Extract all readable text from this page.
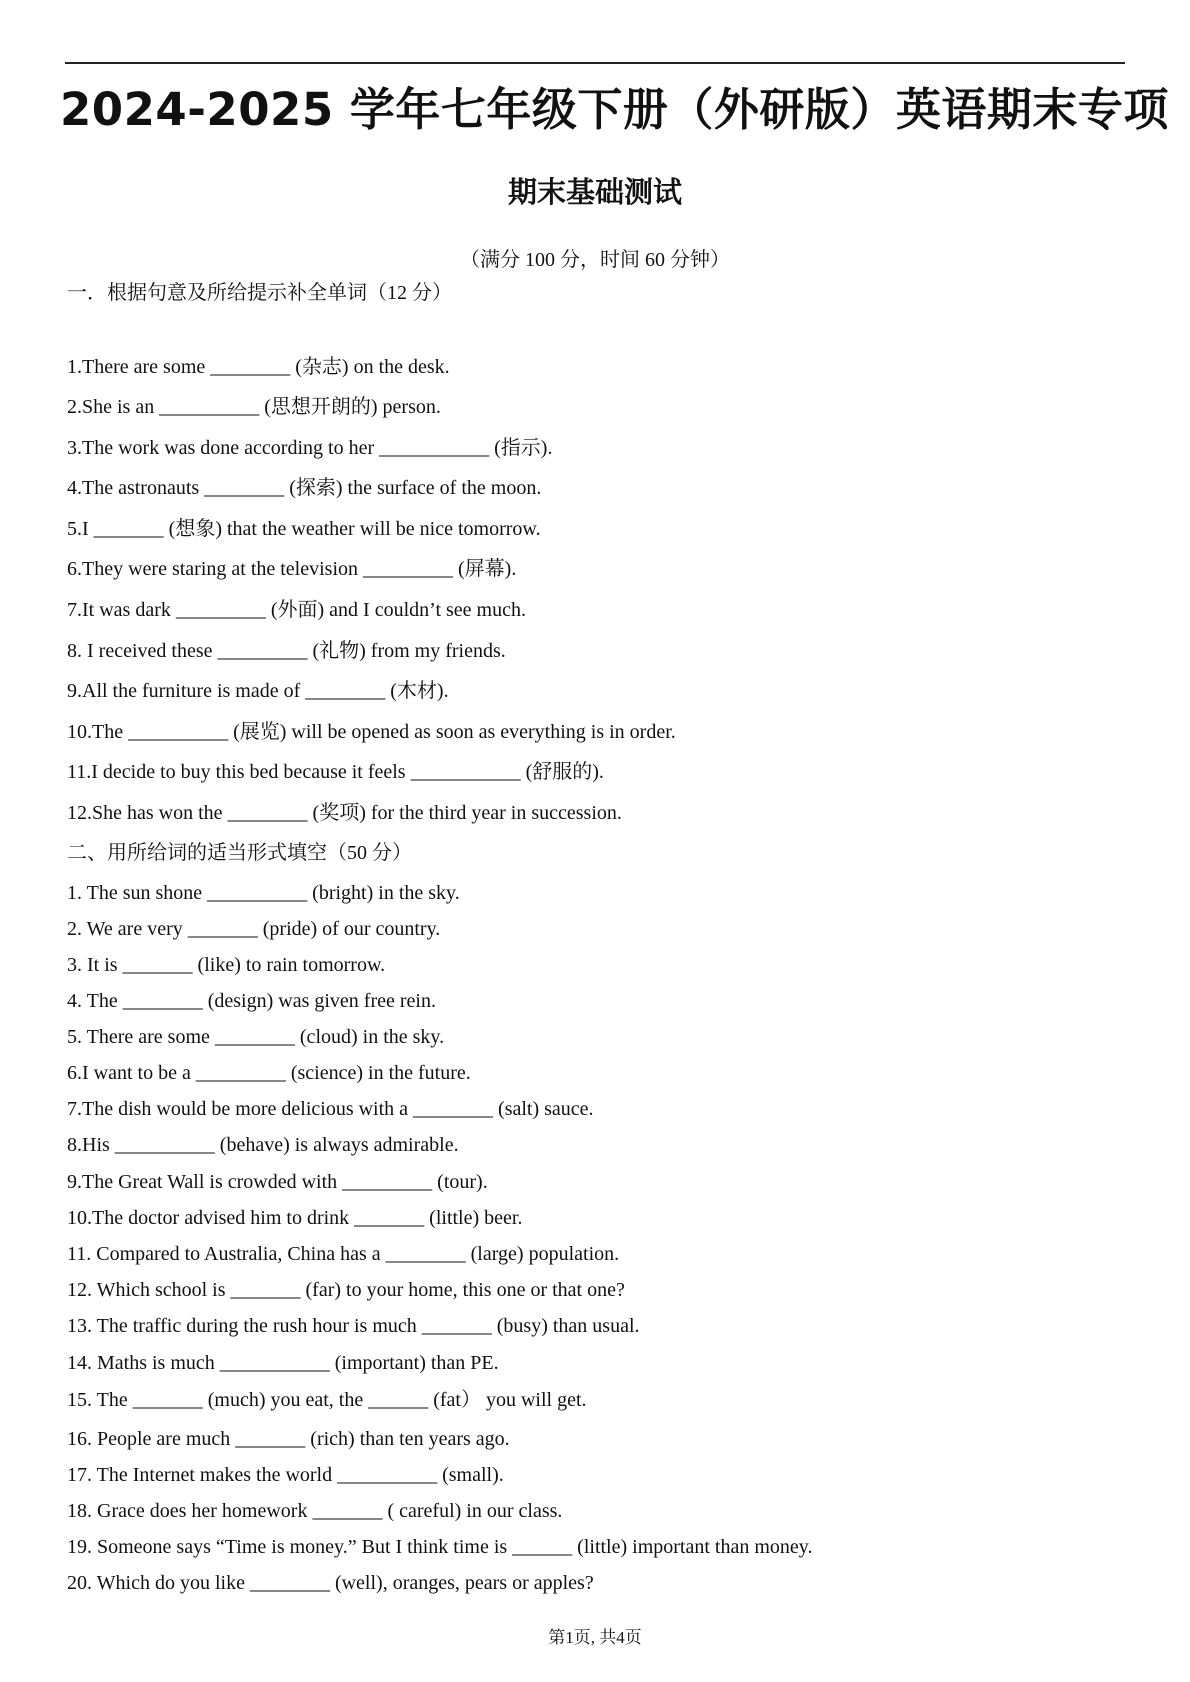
2024-2025 学年七年级下册（外研版）英语期末专项
期末基础测试
（满分 100 分，时间 60 分钟）
一．根据句意及所给提示补全单词（12 分）
1.There are some ________ (杂志) on the desk.
2.She is an __________ (思想开朗的) person.
3.The work was done according to her ___________ (指示).
4.The astronauts ________ (探索) the surface of the moon.
5.I _______ (想象) that the weather will be nice tomorrow.
6.They were staring at the television _________ (屏幕).
7.It was dark _________ (外面) and I couldn’t see much.
8. I received these _________ (礼物) from my friends.
9.All the furniture is made of ________ (木材).
10.The __________ (展览) will be opened as soon as everything is in order.
11.I decide to buy this bed because it feels ___________ (舒服的).
12.She has won the ________ (奖项) for the third year in succession.
二、用所给词的适当形式填空（50 分）
1. The sun shone __________ (bright) in the sky.
2. We are very _______ (pride) of our country.
3. It is _______ (like) to rain tomorrow.
4. The ________ (design) was given free rein.
5. There are some ________ (cloud) in the sky.
6.I want to be a _________ (science) in the future.
7.The dish would be more delicious with a ________ (salt) sauce.
8.His __________ (behave) is always admirable.
9.The Great Wall is crowded with _________ (tour).
10.The doctor advised him to drink _______ (little) beer.
11. Compared to Australia, China has a ________ (large) population.
12. Which school is _______ (far) to your home, this one or that one?
13. The traffic during the rush hour is much _______ (busy) than usual.
14. Maths is much ___________ (important) than PE.
15. The _______ (much) you eat, the ______ (fat） you will get.
16. People are much _______ (rich) than ten years ago.
17. The Internet makes the world __________ (small).
18. Grace does her homework _______ ( careful) in our class.
19. Someone says “Time is money.” But I think time is ______ (little) important than money.
20. Which do you like ________ (well), oranges, pears or apples?
第1页, 共4页
